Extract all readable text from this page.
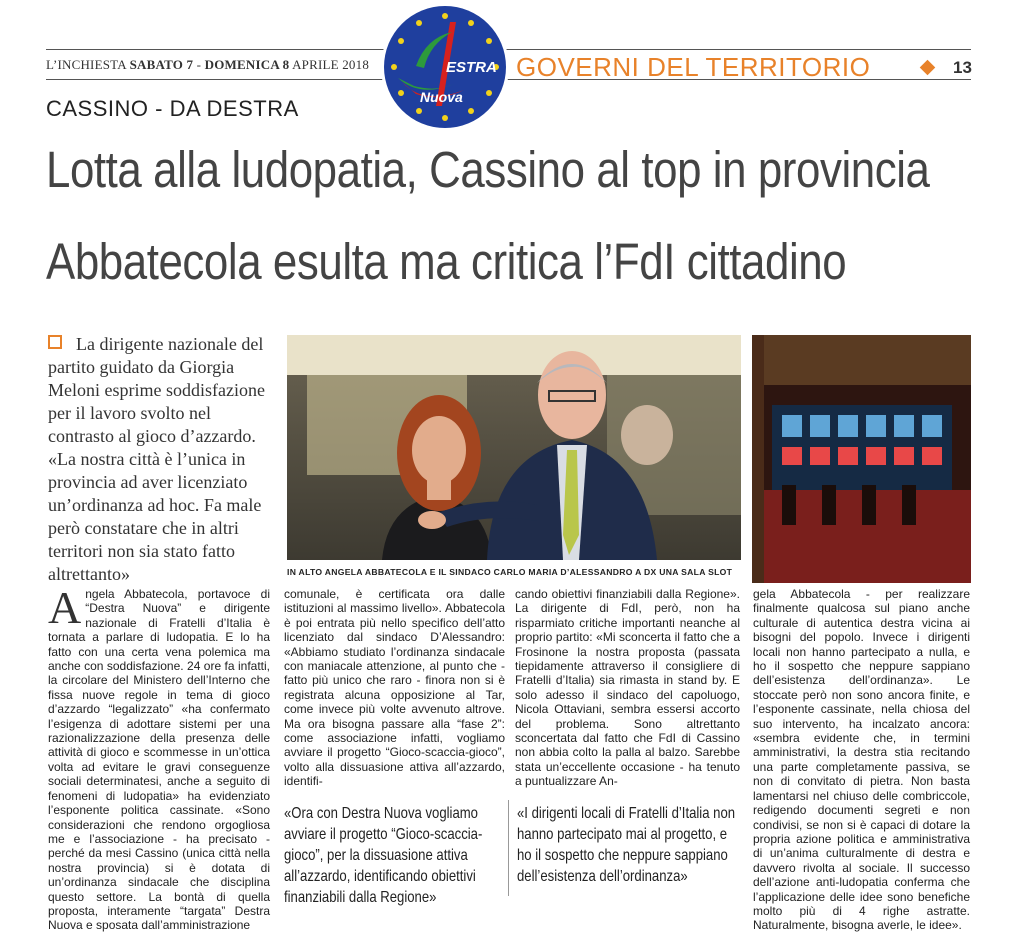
L’INCHIESTA SABATO 7 - DOMENICA 8 APRILE 2018	ESTRA
Nuova
GOVERNI DEL TERRITORIO	13
CASSINO - DA DESTRA
Lotta alla ludopatia, Cassino al top in provincia
Abbatecola esulta ma critica l’FdI cittadino
La dirigente nazionale del partito guidato da Giorgia Meloni esprime soddisfazione per il lavoro svolto nel contrasto al gioco d’azzardo. «La nostra città è l’unica in provincia ad aver licenziato un’ordinanza ad hoc. Fa male però constatare che in altri territori non sia stato fatto altrettanto»	IN ALTO ANGELA ABBATECOLA E IL SINDACO CARLO MARIA D’ALESSANDRO A DX UNA SALA SLOT
Angela Abbatecola, portavoce di “Destra Nuova” e dirigente nazionale di Fratelli d’Italia è tornata a parlare di ludopatia. E lo ha fatto con una certa vena polemica ma anche con soddisfazione. 24 ore fa infatti, la circolare del Ministero dell’Interno che fissa nuove regole in tema di gioco d’azzardo “legalizzato” «ha confermato l’esigenza di adottare sistemi per una razionalizzazione della presenza delle attività di gioco e scommesse in un’ottica volta ad evitare le gravi conseguenze sociali determinatesi, anche a seguito di fenomeni di ludopatia» ha evidenziato l’esponente politica cassinate. «Sono considerazioni che rendono orgogliosa me e l’associazione - ha precisato - perché da mesi Cassino (unica città nella nostra provincia) si è dotata di un’ordinanza sindacale che disciplina questo settore. La bontà di quella proposta, interamente “targata” Destra Nuova e sposata dall’amministrazione
comunale, è certificata ora dalle istituzioni al massimo livello». Abbatecola è poi entrata più nello specifico dell’atto licenziato dal sindaco D’Alessandro: «Abbiamo studiato l’ordinanza sindacale con maniacale attenzione, al punto che - fatto più unico che raro - finora non si è registrata alcuna opposizione al Tar, come invece più volte avvenuto altrove. Ma ora bisogna passare alla “fase 2”: come associazione infatti, vogliamo avviare il progetto “Gioco-scaccia-gioco”, volto alla dissuasione attiva all’azzardo, identifi-
cando obiettivi finanziabili dalla Regione». La dirigente di FdI, però, non ha risparmiato critiche importanti neanche al proprio partito: «Mi sconcerta il fatto che a Frosinone la nostra proposta (passata tiepidamente attraverso il consigliere di Fratelli d’Italia) sia rimasta in stand by. E solo adesso il sindaco del capoluogo, Nicola Ottaviani, sembra essersi accorto del problema. Sono altrettanto sconcertata dal fatto che FdI di Cassino non abbia colto la palla al balzo. Sarebbe stata un’eccellente occasione - ha tenuto a puntualizzare An-
gela Abbatecola - per realizzare finalmente qualcosa sul piano anche culturale di autentica destra vicina ai bisogni del popolo. Invece i dirigenti locali non hanno partecipato a nulla, e ho il sospetto che neppure sappiano dell’esistenza dell’ordinanza». Le stoccate però non sono ancora finite, e l’esponente cassinate, nella chiosa del suo intervento, ha incalzato ancora: «sembra evidente che, in termini amministrativi, la destra stia recitando una parte completamente passiva, se non di convitato di pietra. Non basta lamentarsi nel chiuso delle combriccole, redigendo documenti segreti e non condivisi, se non si è capaci di dotare la propria azione politica e amministrativa di un’anima culturalmente di destra e davvero rivolta al sociale. Il successo dell’azione anti-ludopatia conferma che l’applicazione delle idee sono benefiche molto più di 4 righe astratte. Naturalmente, bisogna averle, le idee».
«Ora con Destra Nuova vogliamo avviare il progetto “Gioco-scaccia-gioco”, per la dissuasione attiva all’azzardo, identificando obiettivi finanziabili dalla Regione»
«I dirigenti locali di Fratelli d’Italia non hanno partecipato mai al progetto, e ho il sospetto che neppure sappiano dell’esistenza dell’ordinanza»
